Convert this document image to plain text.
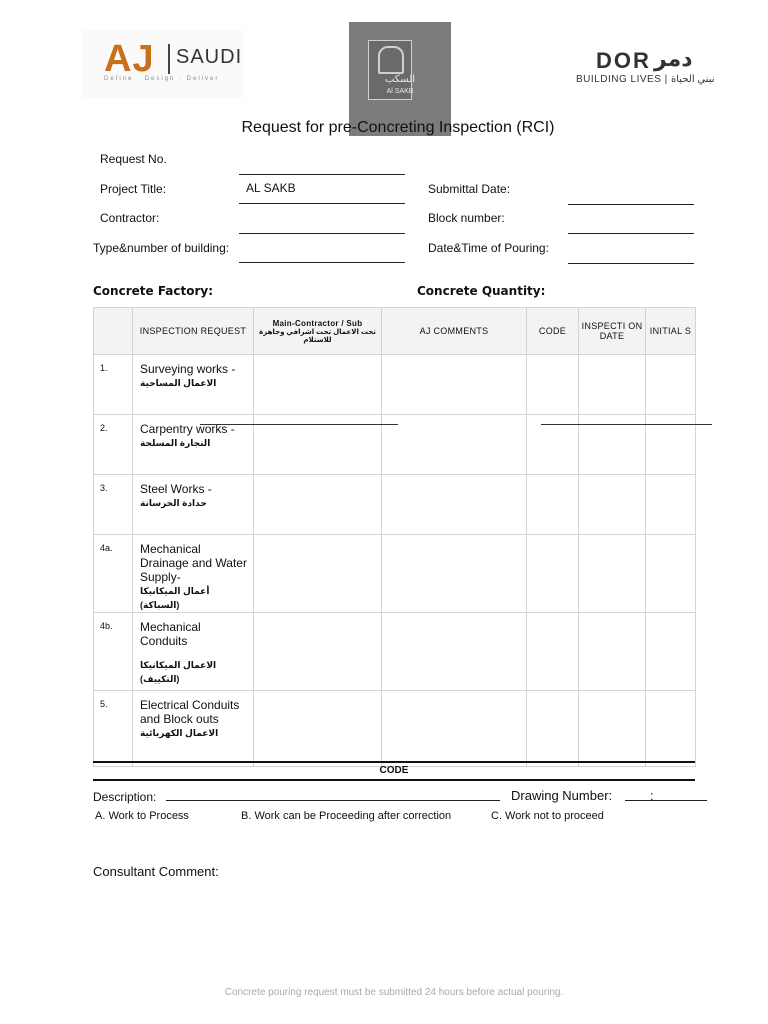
AJ SAUDI
Define · Design · Deliver	السكب
Al SAKB
DOR دمر
BUILDING LIVES | نبني الحياة
Request for pre-Concreting Inspection (RCI)
Request No.
Project Title:	AL SAKB
Contractor:
Type&number of building:
Submittal Date:
Block number:
Date&Time of Pouring:
Concrete Factory:	Concrete Quantity:
	INSPECTION REQUEST	Main-Contractor / Sub
تحت الاعمال تحت اشرافي وجاهزة للاستلام	AJ COMMENTS	CODE	INSPECTI ON DATE	INITIAL S
1.	Surveying works -
الاعمال المساحية					

2.	Carpentry works -
النجارة المسلحة					

3.	Steel Works -
حدادة الخرسانة					

4a.	Mechanical Drainage and Water Supply-
أعمال الميكانيكا (السباكة)					

4b.	Mechanical Conduits
الاعمال الميكانيكا (التكييف)					

5.	Electrical Conduits and Block outs
الاعمال الكهربائية					

CODE
Description:	Drawing Number:	:
A. Work to Process	B. Work can be Proceeding after correction	C. Work not to proceed
Consultant Comment:
Concrete pouring request must be submitted 24 hours before actual pouring.
